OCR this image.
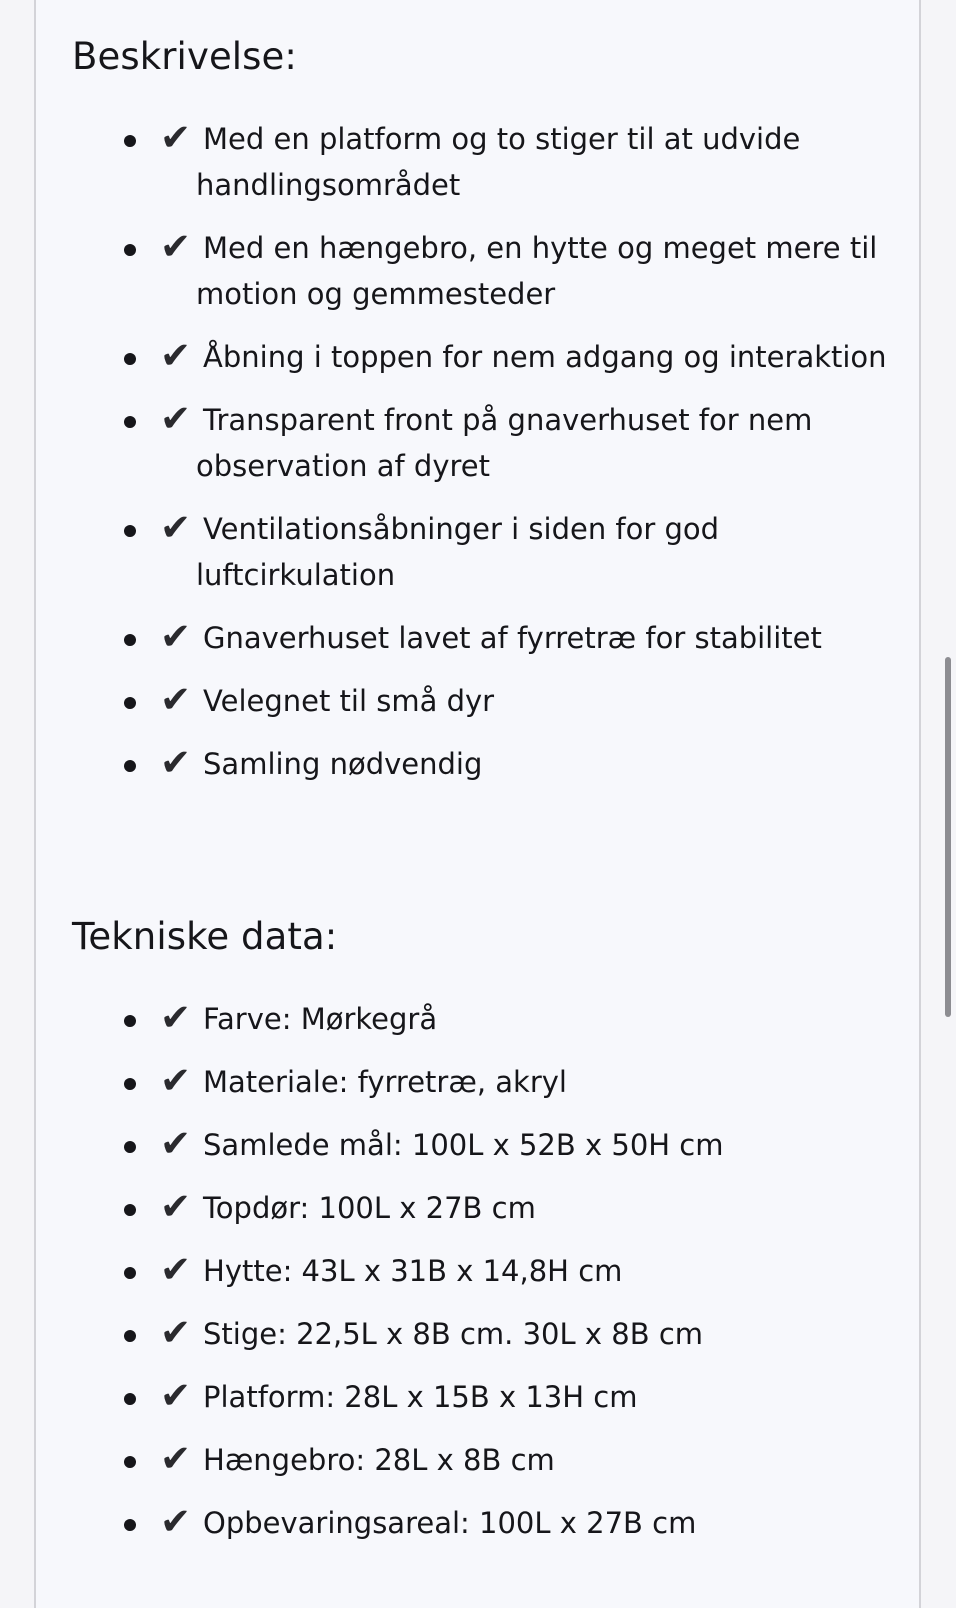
Beskrivelse:
✔ Med en platform og to stiger til at udvide handlingsområdet
✔ Med en hængebro, en hytte og meget mere til motion og gemmesteder
✔ Åbning i toppen for nem adgang og interaktion
✔ Transparent front på gnaverhuset for nem observation af dyret
✔ Ventilationsåbninger i siden for god luftcirkulation
✔ Gnaverhuset lavet af fyrretræ for stabilitet
✔ Velegnet til små dyr
✔ Samling nødvendig
Tekniske data:
✔ Farve: Mørkegrå
✔ Materiale: fyrretræ, akryl
✔ Samlede mål: 100L x 52B x 50H cm
✔ Topdør: 100L x 27B cm
✔ Hytte: 43L x 31B x 14,8H cm
✔ Stige: 22,5L x 8B cm. 30L x 8B cm
✔ Platform: 28L x 15B x 13H cm
✔ Hængebro: 28L x 8B cm
✔ Opbevaringsareal: 100L x 27B cm
